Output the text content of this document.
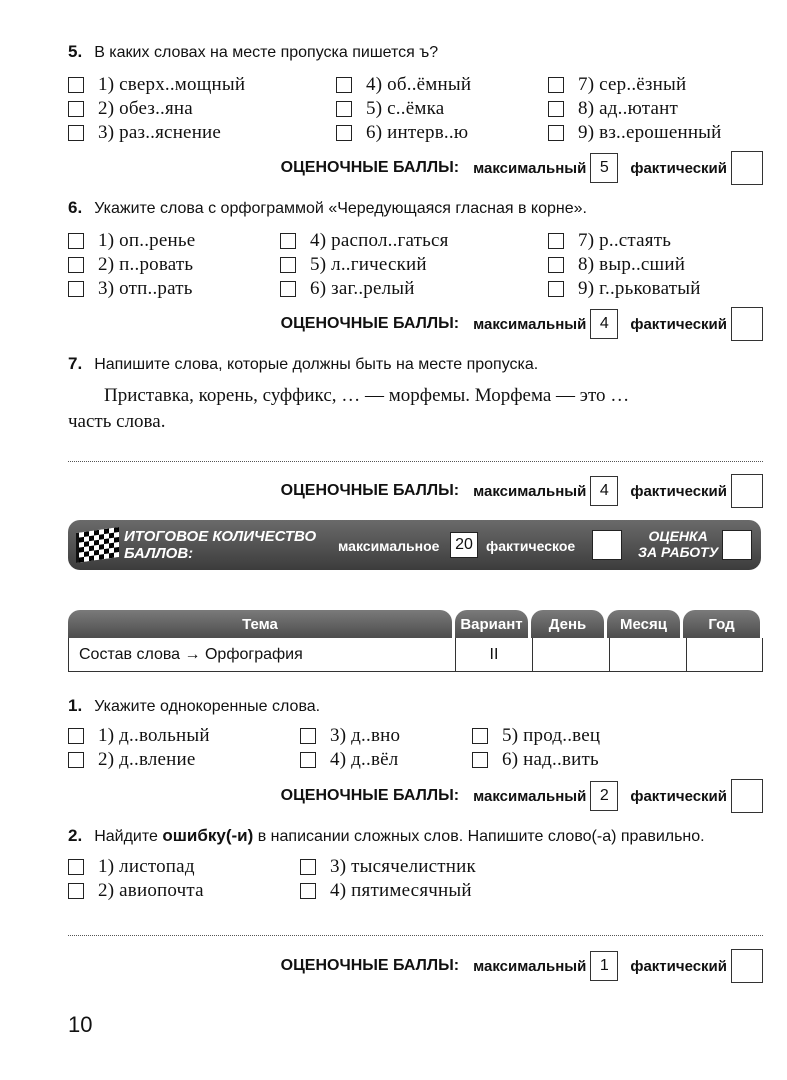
5. В каких словах на месте пропуска пишется ъ?
1) сверх..мощный
2) обез..яна
3) раз..яснение
4) об..ёмный
5) с..ёмка
6) интерв..ю
7) сер..ёзный
8) ад..ютант
9) вз..ерошенный
ОЦЕНОЧНЫЕ БАЛЛЫ: максимальный 5	фактический
6. Укажите слова с орфограммой «Чередующаяся гласная в корне».
1) оп..ренье
2) п..ровать
3) отп..рать
4) распол..гаться
5) л..гический
6) заг..релый
7) р..стаять
8) выр..сший
9) г..рьковатый
ОЦЕНОЧНЫЕ БАЛЛЫ: максимальный 4	фактический
7. Напишите слова, которые должны быть на месте пропуска.
Приставка, корень, суффикс, … — морфемы. Морфема — это …
часть слова.
ОЦЕНОЧНЫЕ БАЛЛЫ: максимальный 4	фактический
ИТОГОВОЕ КОЛИЧЕСТВО
БАЛЛОВ:	максимальное 20 фактическое
ОЦЕНКА
ЗА РАБОТУ
Тема	Вариант	День	Месяц	Год
Состав слова → Орфография	II
1. Укажите однокоренные слова.
1) д..вольный
2) д..вление
3) д..вно
4) д..вёл
5) прод..вец
6) над..вить
ОЦЕНОЧНЫЕ БАЛЛЫ: максимальный 2	фактический
2. Найдите ошибку(-и) в написании сложных слов. Напишите слово(-а) правильно.
1) листопад
2) авиопочта
3) тысячелистник
4) пятимесячный
ОЦЕНОЧНЫЕ БАЛЛЫ: максимальный 1	фактический
10
